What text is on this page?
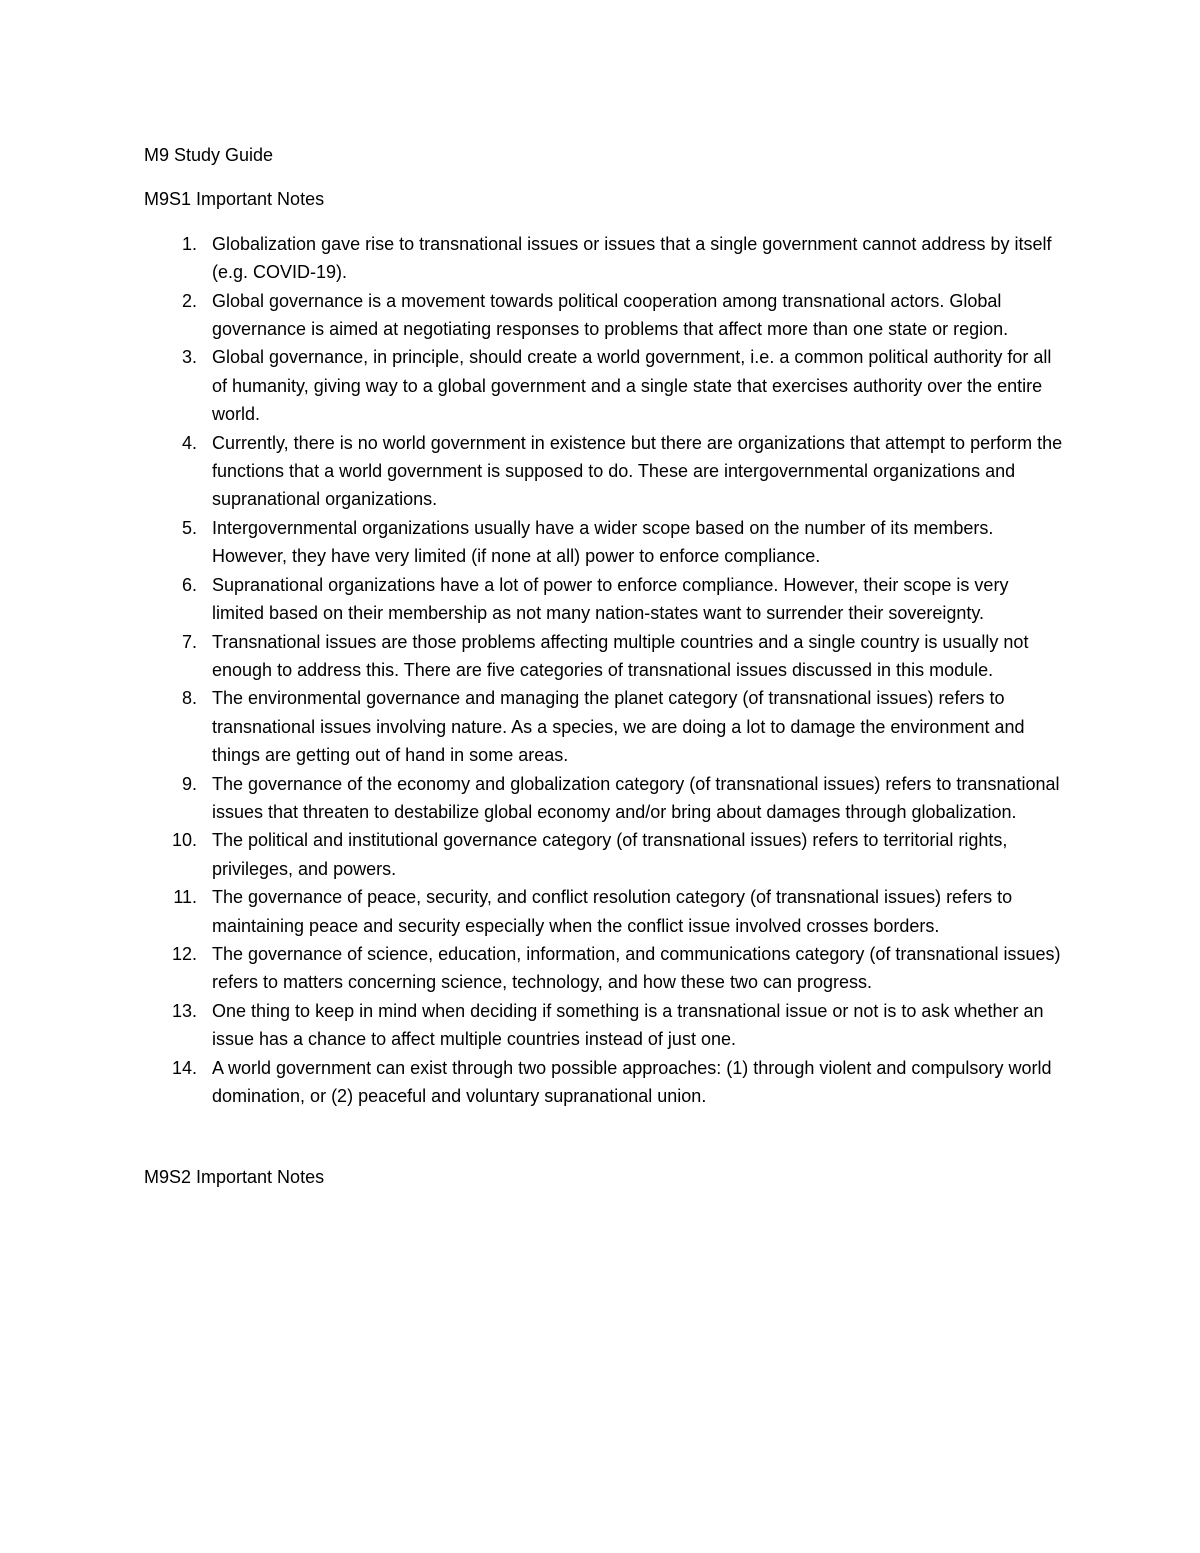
M9 Study Guide

M9S1 Important Notes

1. Globalization gave rise to transnational issues or issues that a single government cannot address by itself (e.g. COVID-19).
2. Global governance is a movement towards political cooperation among transnational actors. Global governance is aimed at negotiating responses to problems that affect more than one state or region.
3. Global governance, in principle, should create a world government, i.e. a common political authority for all of humanity, giving way to a global government and a single state that exercises authority over the entire world.
4. Currently, there is no world government in existence but there are organizations that attempt to perform the functions that a world government is supposed to do. These are intergovernmental organizations and supranational organizations.
5. Intergovernmental organizations usually have a wider scope based on the number of its members. However, they have very limited (if none at all) power to enforce compliance.
6. Supranational organizations have a lot of power to enforce compliance. However, their scope is very limited based on their membership as not many nation-states want to surrender their sovereignty.
7. Transnational issues are those problems affecting multiple countries and a single country is usually not enough to address this. There are five categories of transnational issues discussed in this module.
8. The environmental governance and managing the planet category (of transnational issues) refers to transnational issues involving nature. As a species, we are doing a lot to damage the environment and things are getting out of hand in some areas.
9. The governance of the economy and globalization category (of transnational issues) refers to transnational issues that threaten to destabilize global economy and/or bring about damages through globalization.
10. The political and institutional governance category (of transnational issues) refers to territorial rights, privileges, and powers.
11. The governance of peace, security, and conflict resolution category (of transnational issues) refers to maintaining peace and security especially when the conflict issue involved crosses borders.
12. The governance of science, education, information, and communications category (of transnational issues) refers to matters concerning science, technology, and how these two can progress.
13. One thing to keep in mind when deciding if something is a transnational issue or not is to ask whether an issue has a chance to affect multiple countries instead of just one.
14. A world government can exist through two possible approaches: (1) through violent and compulsory world domination, or (2) peaceful and voluntary supranational union.

M9S2 Important Notes
